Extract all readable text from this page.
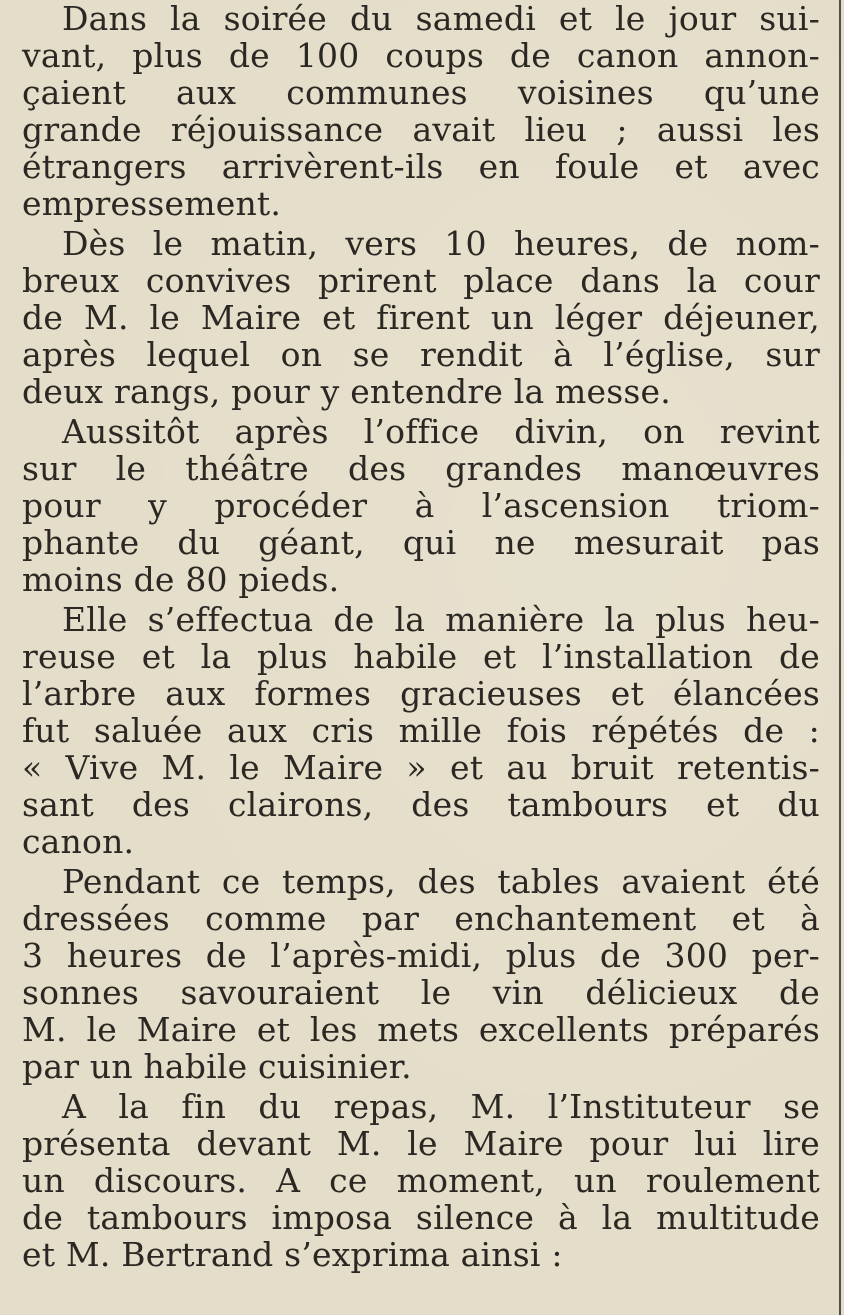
Dans la soirée du samedi et le jour sui-
vant, plus de 100 coups de canon annon-
çaient aux communes voisines qu’une
grande réjouissance avait lieu ; aussi les
étrangers arrivèrent-ils en foule et avec
empressement.
Dès le matin, vers 10 heures, de nom-
breux convives prirent place dans la cour
de M. le Maire et firent un léger déjeuner,
après lequel on se rendit à l’église, sur
deux rangs, pour y entendre la messe.
Aussitôt après l’office divin, on revint
sur le théâtre des grandes manœuvres
pour y procéder à l’ascension triom-
phante du géant, qui ne mesurait pas
moins de 80 pieds.
Elle s’effectua de la manière la plus heu-
reuse et la plus habile et l’installation de
l’arbre aux formes gracieuses et élancées
fut saluée aux cris mille fois répétés de :
« Vive M. le Maire » et au bruit retentis-
sant des clairons, des tambours et du
canon.
Pendant ce temps, des tables avaient été
dressées comme par enchantement et à
3 heures de l’après-midi, plus de 300 per-
sonnes savouraient le vin délicieux de
M. le Maire et les mets excellents préparés
par un habile cuisinier.
A la fin du repas, M. l’Instituteur se
présenta devant M. le Maire pour lui lire
un discours. A ce moment, un roulement
de tambours imposa silence à la multitude
et M. Bertrand s’exprima ainsi :
